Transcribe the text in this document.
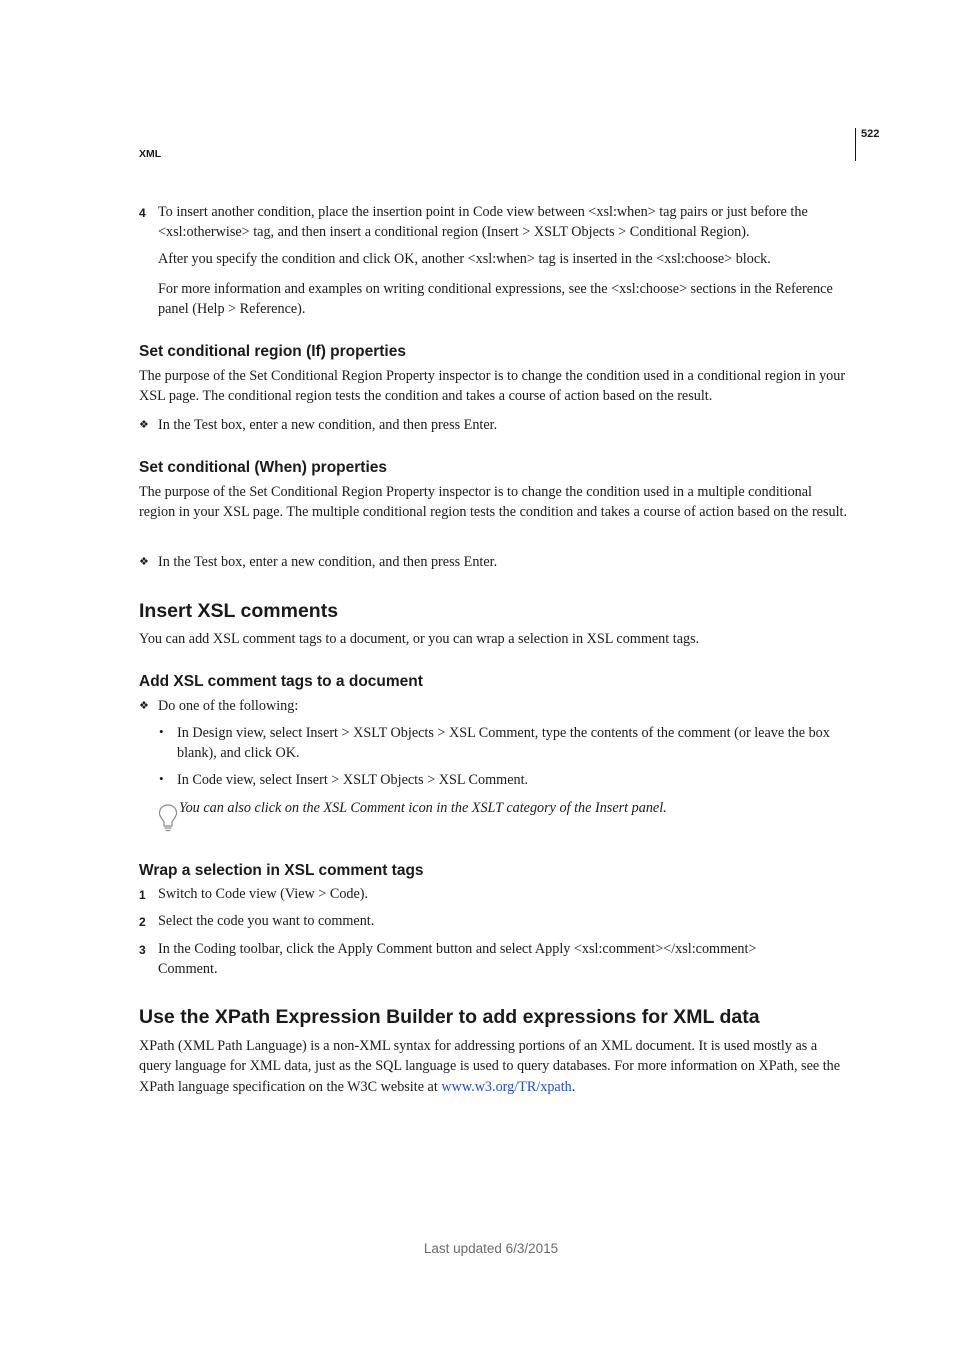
XML
522
4 To insert another condition, place the insertion point in Code view between <xsl:when> tag pairs or just before the <xsl:otherwise> tag, and then insert a conditional region (Insert > XSLT Objects > Conditional Region).
After you specify the condition and click OK, another <xsl:when> tag is inserted in the <xsl:choose> block.
For more information and examples on writing conditional expressions, see the <xsl:choose> sections in the Reference panel (Help > Reference).
Set conditional region (If) properties
The purpose of the Set Conditional Region Property inspector is to change the condition used in a conditional region in your XSL page. The conditional region tests the condition and takes a course of action based on the result.
❖ In the Test box, enter a new condition, and then press Enter.
Set conditional (When) properties
The purpose of the Set Conditional Region Property inspector is to change the condition used in a multiple conditional region in your XSL page. The multiple conditional region tests the condition and takes a course of action based on the result.
❖ In the Test box, enter a new condition, and then press Enter.
Insert XSL comments
You can add XSL comment tags to a document, or you can wrap a selection in XSL comment tags.
Add XSL comment tags to a document
❖ Do one of the following:
• In Design view, select Insert > XSLT Objects > XSL Comment, type the contents of the comment (or leave the box blank), and click OK.
• In Code view, select Insert > XSLT Objects > XSL Comment.
You can also click on the XSL Comment icon in the XSLT category of the Insert panel.
Wrap a selection in XSL comment tags
1 Switch to Code view (View > Code).
2 Select the code you want to comment.
3 In the Coding toolbar, click the Apply Comment button and select Apply <xsl:comment></xsl:comment> Comment.
Use the XPath Expression Builder to add expressions for XML data
XPath (XML Path Language) is a non-XML syntax for addressing portions of an XML document. It is used mostly as a query language for XML data, just as the SQL language is used to query databases. For more information on XPath, see the XPath language specification on the W3C website at www.w3.org/TR/xpath.
Last updated 6/3/2015
